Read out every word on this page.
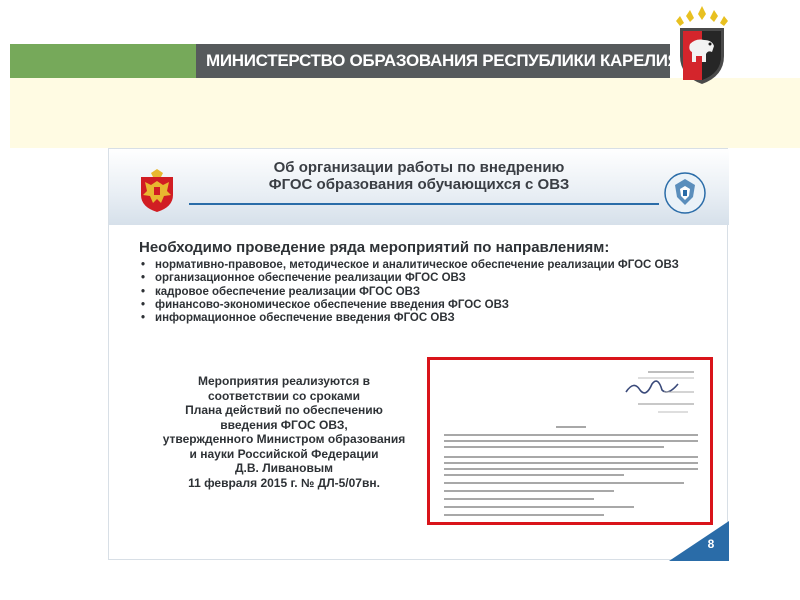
МИНИСТЕРСТВО ОБРАЗОВАНИЯ РЕСПУБЛИКИ КАРЕЛИЯ
Об организации работы по внедрению
ФГОС образования обучающихся с ОВЗ
Необходимо проведение ряда мероприятий по направлениям:
• нормативно-правовое, методическое и аналитическое обеспечение реализации ФГОС ОВЗ
• организационное обеспечение реализации ФГОС ОВЗ
• кадровое обеспечение реализации ФГОС ОВЗ
• финансово-экономическое обеспечение введения ФГОС ОВЗ
• информационное обеспечение введения ФГОС ОВЗ
Мероприятия реализуются в
соответствии со сроками
Плана действий по обеспечению
введения ФГОС ОВЗ,
утвержденного Министром образования
и науки Российской Федерации
Д.В. Ливановым
11 февраля 2015 г. № ДЛ-5/07вн.
8
